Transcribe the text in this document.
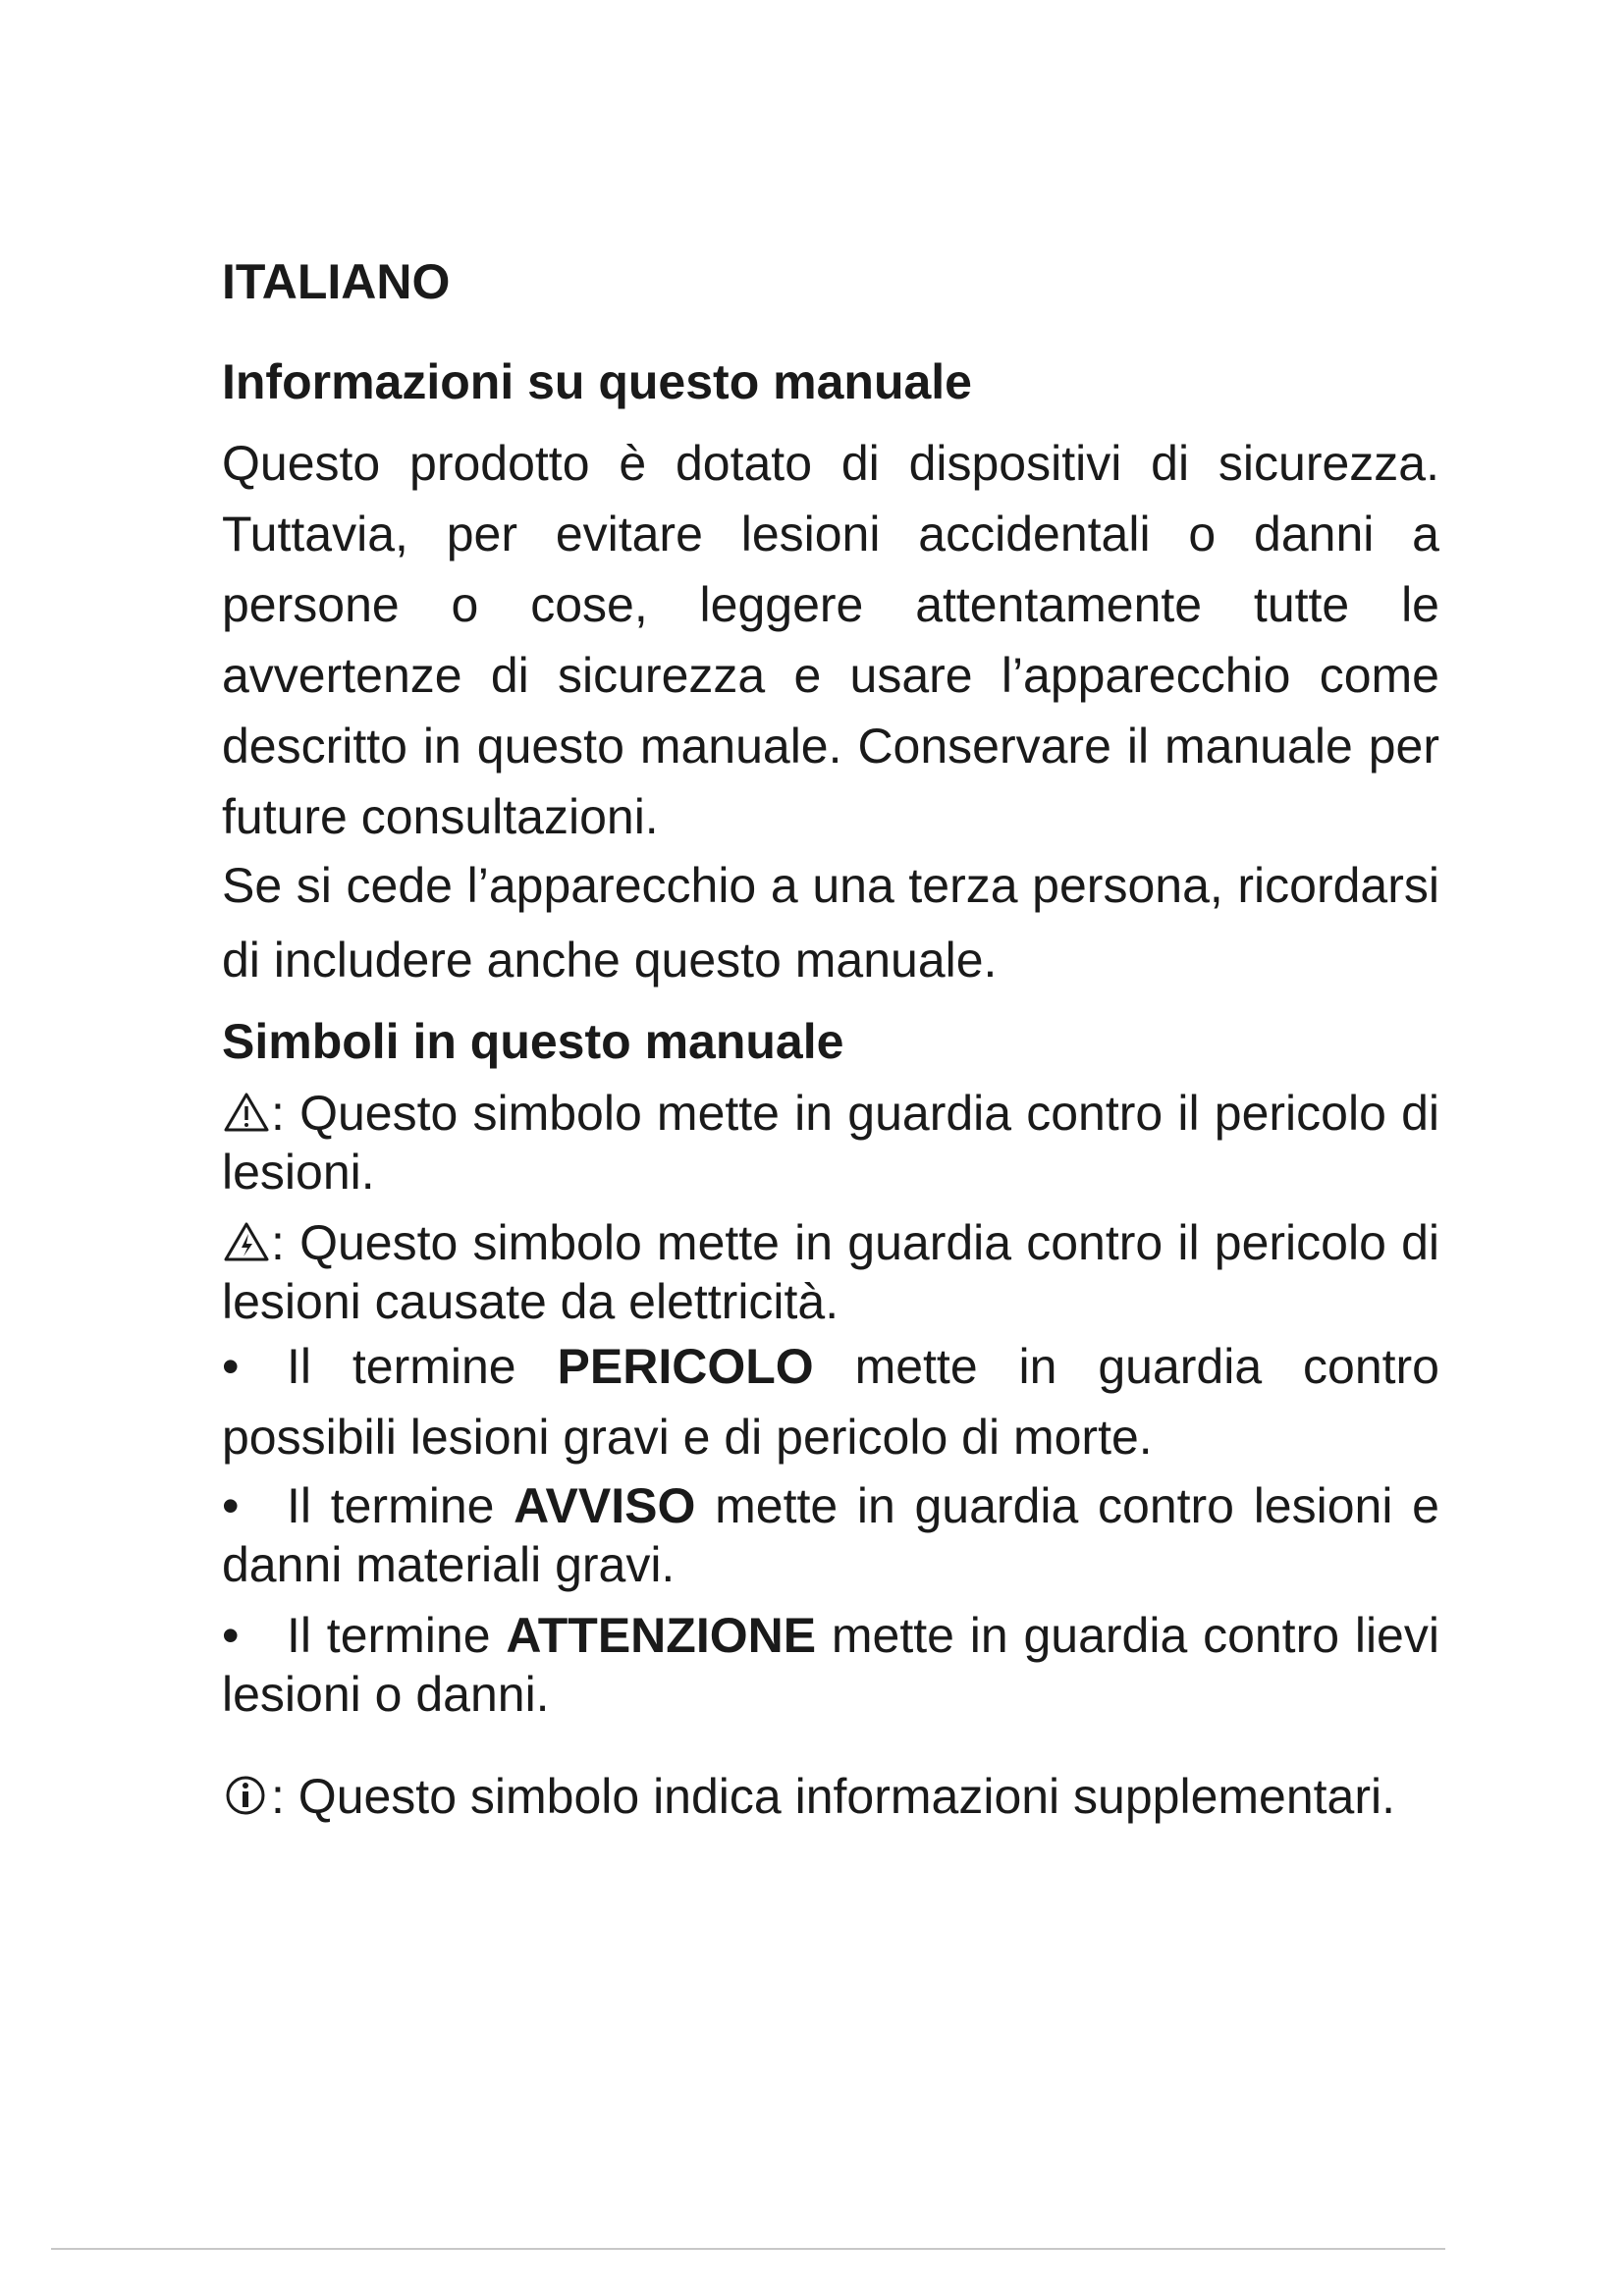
ITALIANO
Informazioni su questo manuale

Questo prodotto è dotato di dispositivi di sicurezza. Tuttavia, per evitare lesioni accidentali o danni a persone o cose, leggere attentamente tutte le avvertenze di sicurezza e usare l’apparecchio come descritto in questo manuale. Conservare il manuale per future consultazioni.

Se si cede l’apparecchio a una terza persona, ricordarsi di includere anche questo manuale.

Simboli in questo manuale

: Questo simbolo mette in guardia contro il pericolo di lesioni.

: Questo simbolo mette in guardia contro il pericolo di lesioni causate da elettricità.

• Il termine PERICOLO mette in guardia contro possibili lesioni gravi e di pericolo di morte.

• Il termine AVVISO mette in guardia contro lesioni e danni materiali gravi.

• Il termine ATTENZIONE mette in guardia contro lievi lesioni o danni.

: Questo simbolo indica informazioni supplementari.
